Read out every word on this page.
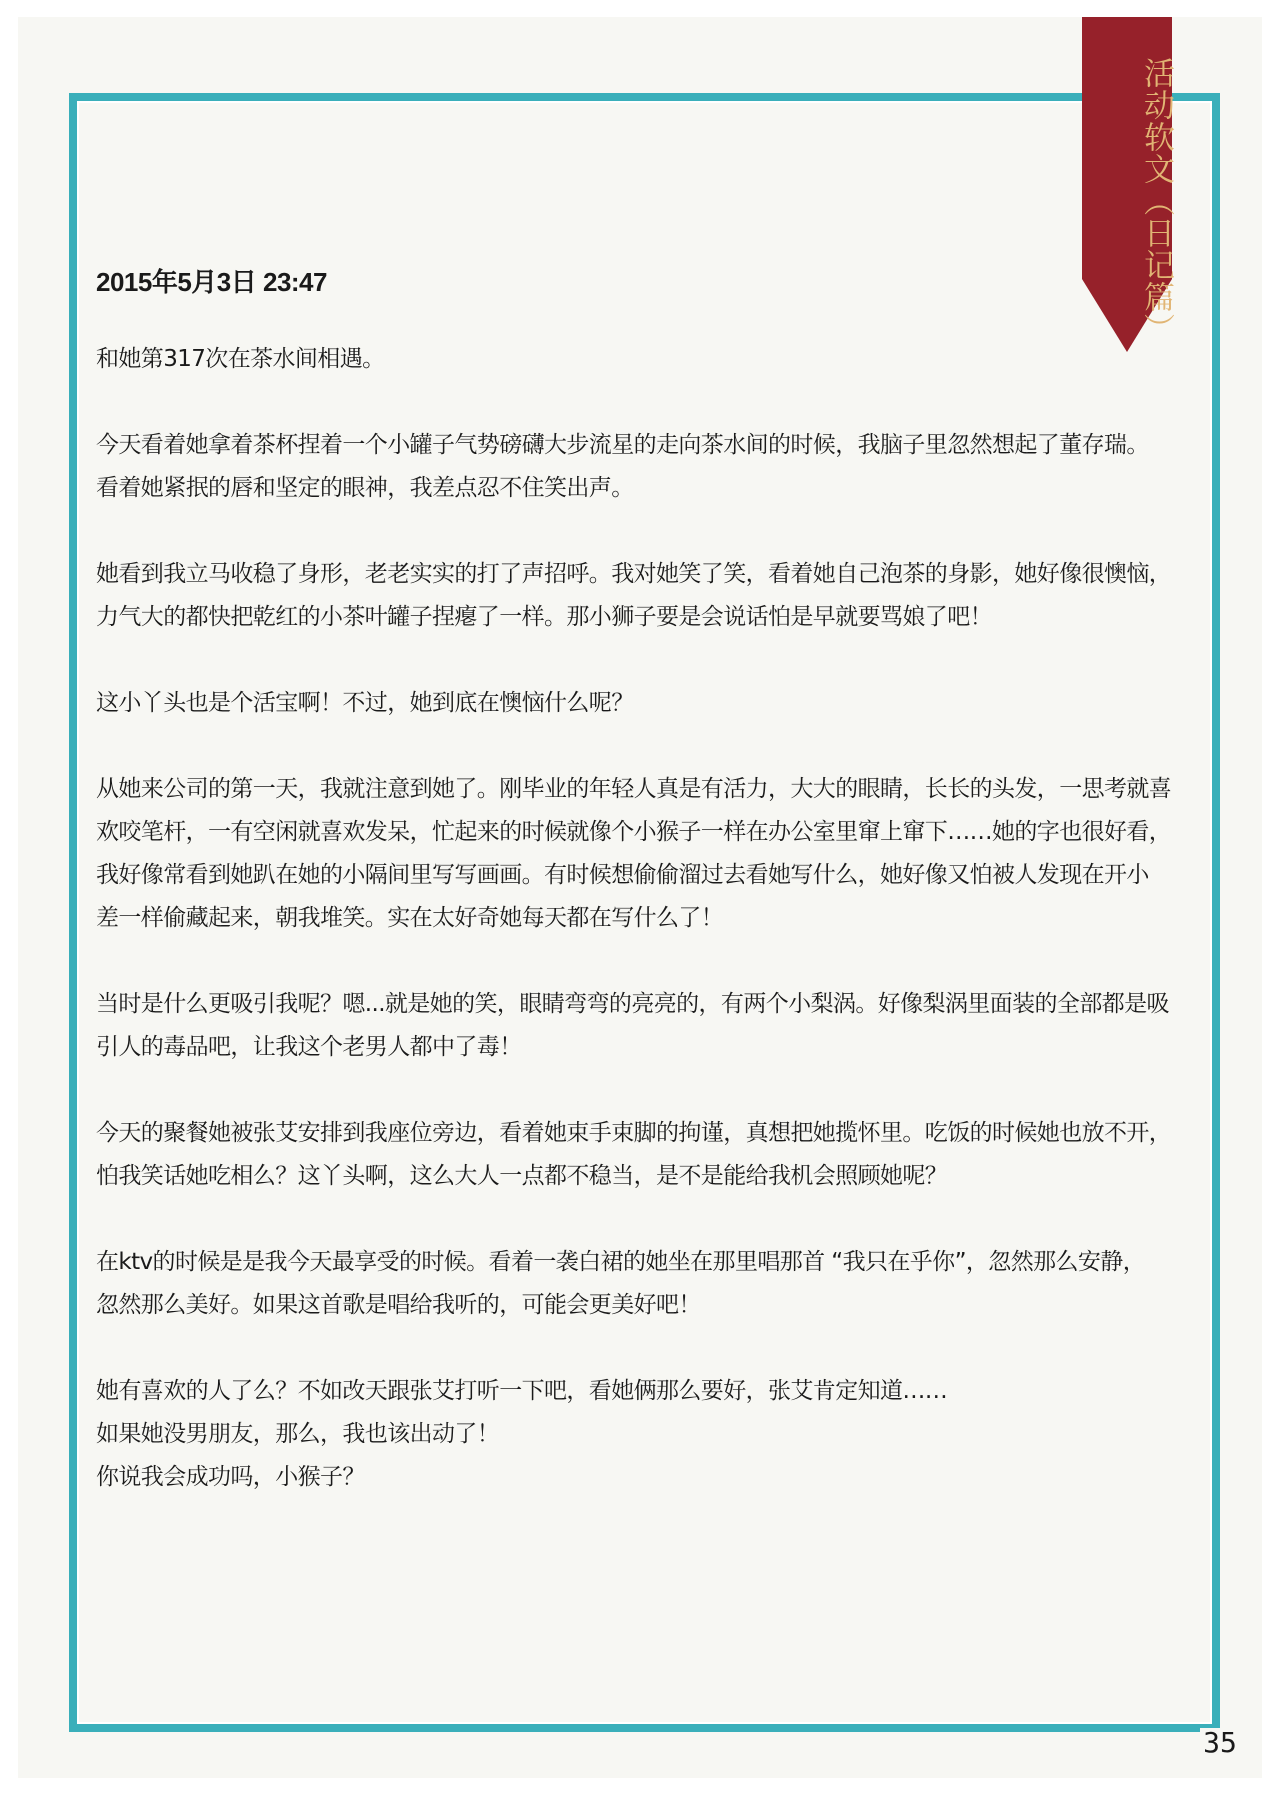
活动软文（日记篇）
2015年5月3日 23:47
和她第317次在茶水间相遇。
今天看着她拿着茶杯捏着一个小罐子气势磅礴大步流星的走向茶水间的时候，我脑子里忽然想起了董存瑞。
看着她紧抿的唇和坚定的眼神，我差点忍不住笑出声。
她看到我立马收稳了身形，老老实实的打了声招呼。我对她笑了笑，看着她自己泡茶的身影，她好像很懊恼，
力气大的都快把乾红的小茶叶罐子捏瘪了一样。那小狮子要是会说话怕是早就要骂娘了吧！
这小丫头也是个活宝啊！不过，她到底在懊恼什么呢？
从她来公司的第一天，我就注意到她了。刚毕业的年轻人真是有活力，大大的眼睛，长长的头发，一思考就喜
欢咬笔杆，一有空闲就喜欢发呆，忙起来的时候就像个小猴子一样在办公室里窜上窜下……她的字也很好看，
我好像常看到她趴在她的小隔间里写写画画。有时候想偷偷溜过去看她写什么，她好像又怕被人发现在开小
差一样偷藏起来，朝我堆笑。实在太好奇她每天都在写什么了！
当时是什么更吸引我呢？嗯...就是她的笑，眼睛弯弯的亮亮的，有两个小梨涡。好像梨涡里面装的全部都是吸
引人的毒品吧，让我这个老男人都中了毒！
今天的聚餐她被张艾安排到我座位旁边，看着她束手束脚的拘谨，真想把她揽怀里。吃饭的时候她也放不开，
怕我笑话她吃相么？这丫头啊，这么大人一点都不稳当，是不是能给我机会照顾她呢？
在ktv的时候是是我今天最享受的时候。看着一袭白裙的她坐在那里唱那首 “我只在乎你”，忽然那么安静，
忽然那么美好。如果这首歌是唱给我听的，可能会更美好吧！
她有喜欢的人了么？不如改天跟张艾打听一下吧，看她俩那么要好，张艾肯定知道……
如果她没男朋友，那么，我也该出动了！
你说我会成功吗，小猴子？
35
